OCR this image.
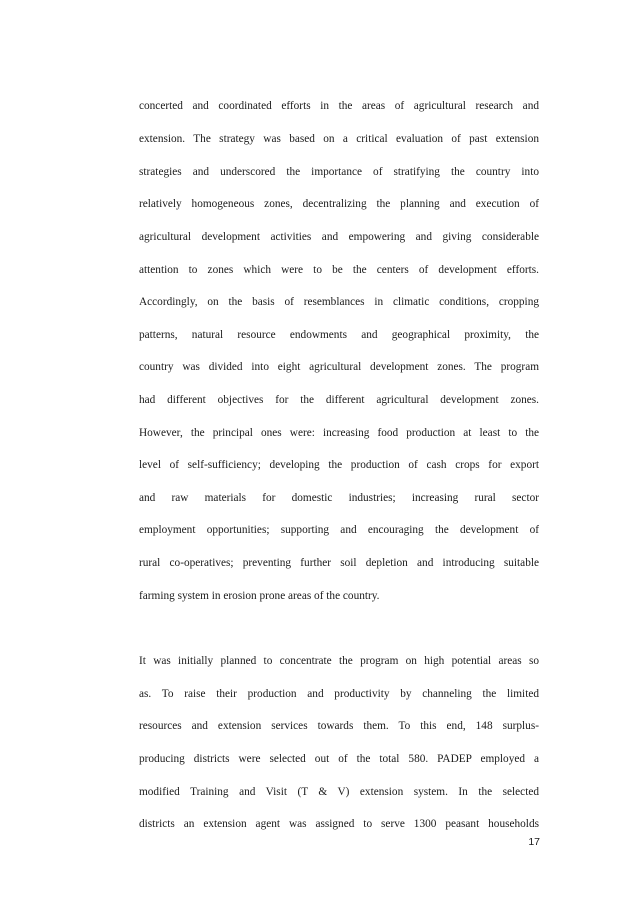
concerted and coordinated efforts in the areas of agricultural research and
extension. The strategy was based on a critical evaluation of past extension
strategies and underscored the importance of stratifying the country into
relatively homogeneous zones, decentralizing the planning and execution of
agricultural development activities and empowering and giving considerable
attention to zones which were to be the centers of development efforts.
Accordingly, on the basis of resemblances in climatic conditions, cropping
patterns, natural resource endowments and geographical proximity, the
country was divided into eight agricultural development zones. The program
had different objectives for the different agricultural development zones.
However, the principal ones were: increasing food production at least to the
level of self-sufficiency; developing the production of cash crops for export
and raw materials for domestic industries; increasing rural sector
employment opportunities; supporting and encouraging the development of
rural co-operatives; preventing further soil depletion and introducing suitable
farming system in erosion prone areas of the country.
It was initially planned to concentrate the program on high potential areas so
as. To raise their production and productivity by channeling the limited
resources and extension services towards them. To this end, 148 surplus-
producing districts were selected out of the total 580. PADEP employed a
modified Training and Visit (T & V) extension system. In the selected
districts an extension agent was assigned to serve 1300 peasant households
17
